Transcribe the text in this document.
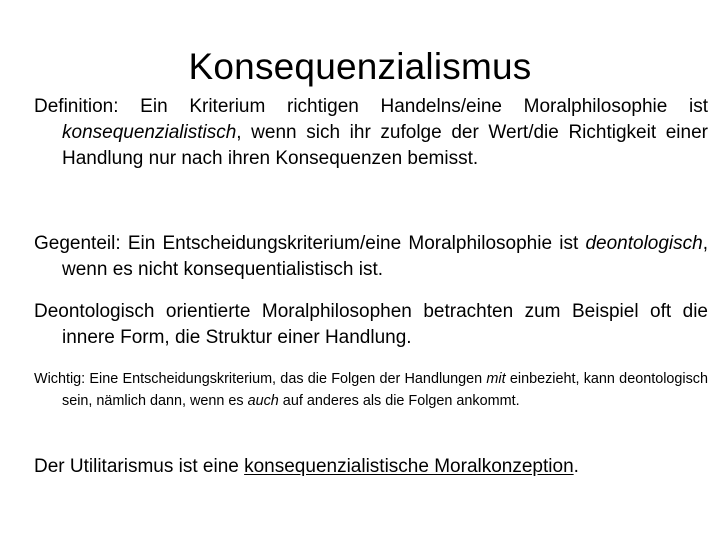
Konsequenzialismus

Definition: Ein Kriterium richtigen Handelns/eine Moralphilosophie ist konsequenzialistisch, wenn sich ihr zufolge der Wert/die Richtigkeit einer Handlung nur nach ihren Konsequenzen bemisst.

Gegenteil: Ein Entscheidungskriterium/eine Moralphilosophie ist deontologisch, wenn es nicht konsequentialistisch ist.

Deontologisch orientierte Moralphilosophen betrachten zum Beispiel oft die innere Form, die Struktur einer Handlung.

Wichtig: Eine Entscheidungskriterium, das die Folgen der Handlungen mit einbezieht, kann deontologisch sein, nämlich dann, wenn es auch auf anderes als die Folgen ankommt.

Der Utilitarismus ist eine konsequenzialistische Moralkonzeption.
